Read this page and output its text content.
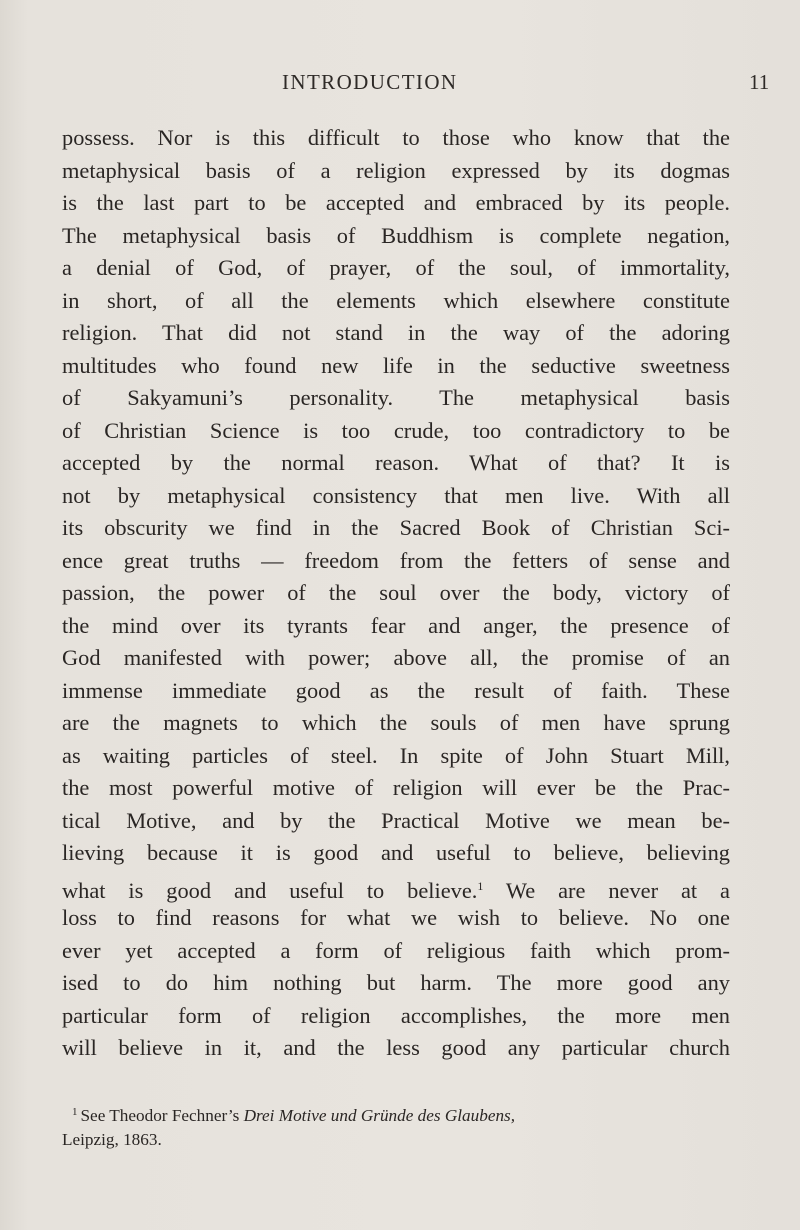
INTRODUCTION	11
possess. Nor is this difficult to those who know that the
metaphysical basis of a religion expressed by its dogmas
is the last part to be accepted and embraced by its people.
The metaphysical basis of Buddhism is complete negation,
a denial of God, of prayer, of the soul, of immortality,
in short, of all the elements which elsewhere constitute
religion. That did not stand in the way of the adoring
multitudes who found new life in the seductive sweetness
of Sakyamuni’s personality. The metaphysical basis
of Christian Science is too crude, too contradictory to be
accepted by the normal reason. What of that? It is
not by metaphysical consistency that men live. With all
its obscurity we find in the Sacred Book of Christian Sci-
ence great truths — freedom from the fetters of sense and
passion, the power of the soul over the body, victory of
the mind over its tyrants fear and anger, the presence of
God manifested with power; above all, the promise of an
immense immediate good as the result of faith. These
are the magnets to which the souls of men have sprung
as waiting particles of steel. In spite of John Stuart Mill,
the most powerful motive of religion will ever be the Prac-
tical Motive, and by the Practical Motive we mean be-
lieving because it is good and useful to believe, believing
what is good and useful to believe.$^1$ We are never at a
loss to find reasons for what we wish to believe. No one
ever yet accepted a form of religious faith which prom-
ised to do him nothing but harm. The more good any
particular form of religion accomplishes, the more men
will believe in it, and the less good any particular church
$^1$ See Theodor Fechner’s Drei Motive und Gründe des Glaubens,
Leipzig, 1863.
